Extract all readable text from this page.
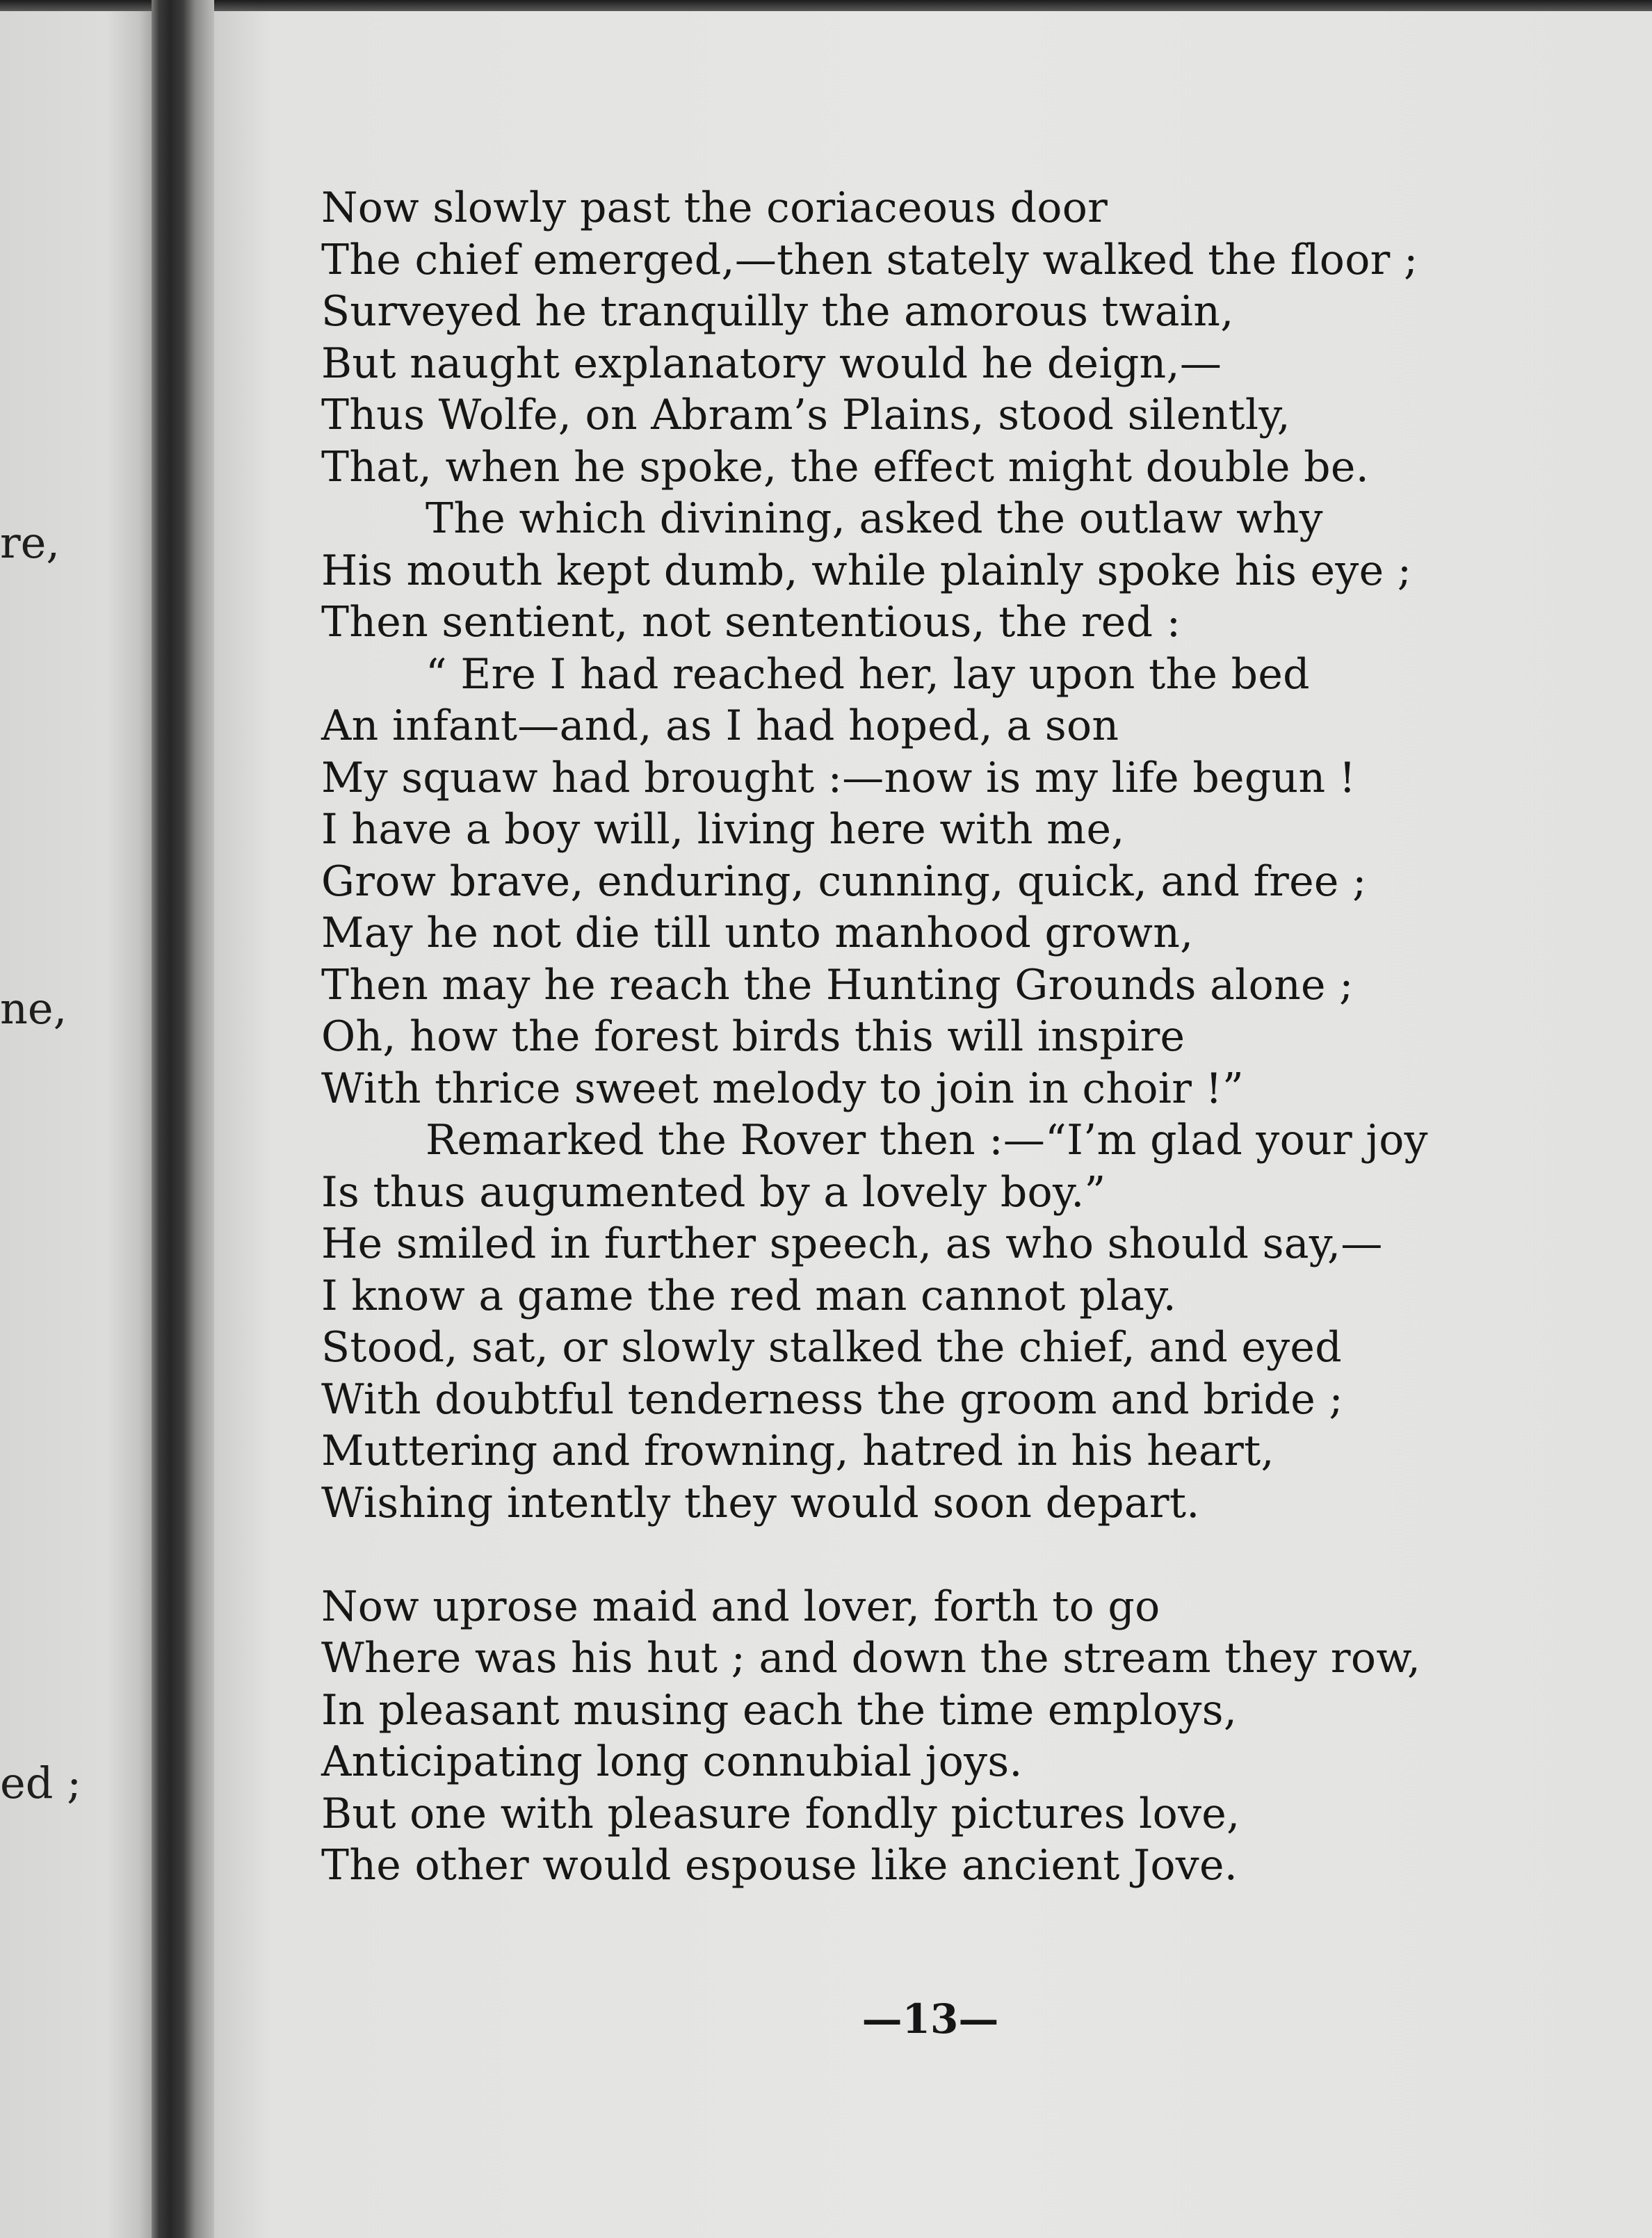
re,
ne,
ed ;
Now slowly past the coriaceous door
The chief emerged,—then stately walked the floor ;
Surveyed he tranquilly the amorous twain,
But naught explanatory would he deign,—
Thus Wolfe, on Abram’s Plains, stood silently,
That, when he spoke, the effect might double be.
The which divining, asked the outlaw why
His mouth kept dumb, while plainly spoke his eye ;
Then sentient, not sententious, the red :
“ Ere I had reached her, lay upon the bed
An infant—and, as I had hoped, a son
My squaw had brought :—now is my life begun !
I have a boy will, living here with me,
Grow brave, enduring, cunning, quick, and free ;
May he not die till unto manhood grown,
Then may he reach the Hunting Grounds alone ;
Oh, how the forest birds this will inspire
With thrice sweet melody to join in choir !”
Remarked the Rover then :—“I’m glad your joy
Is thus augumented by a lovely boy.”
He smiled in further speech, as who should say,—
I know a game the red man cannot play.
Stood, sat, or slowly stalked the chief, and eyed
With doubtful tenderness the groom and bride ;
Muttering and frowning, hatred in his heart,
Wishing intently they would soon depart.
Now uprose maid and lover, forth to go
Where was his hut ; and down the stream they row,
In pleasant musing each the time employs,
Anticipating long connubial joys.
But one with pleasure fondly pictures love,
The other would espouse like ancient Jove.
—13—
